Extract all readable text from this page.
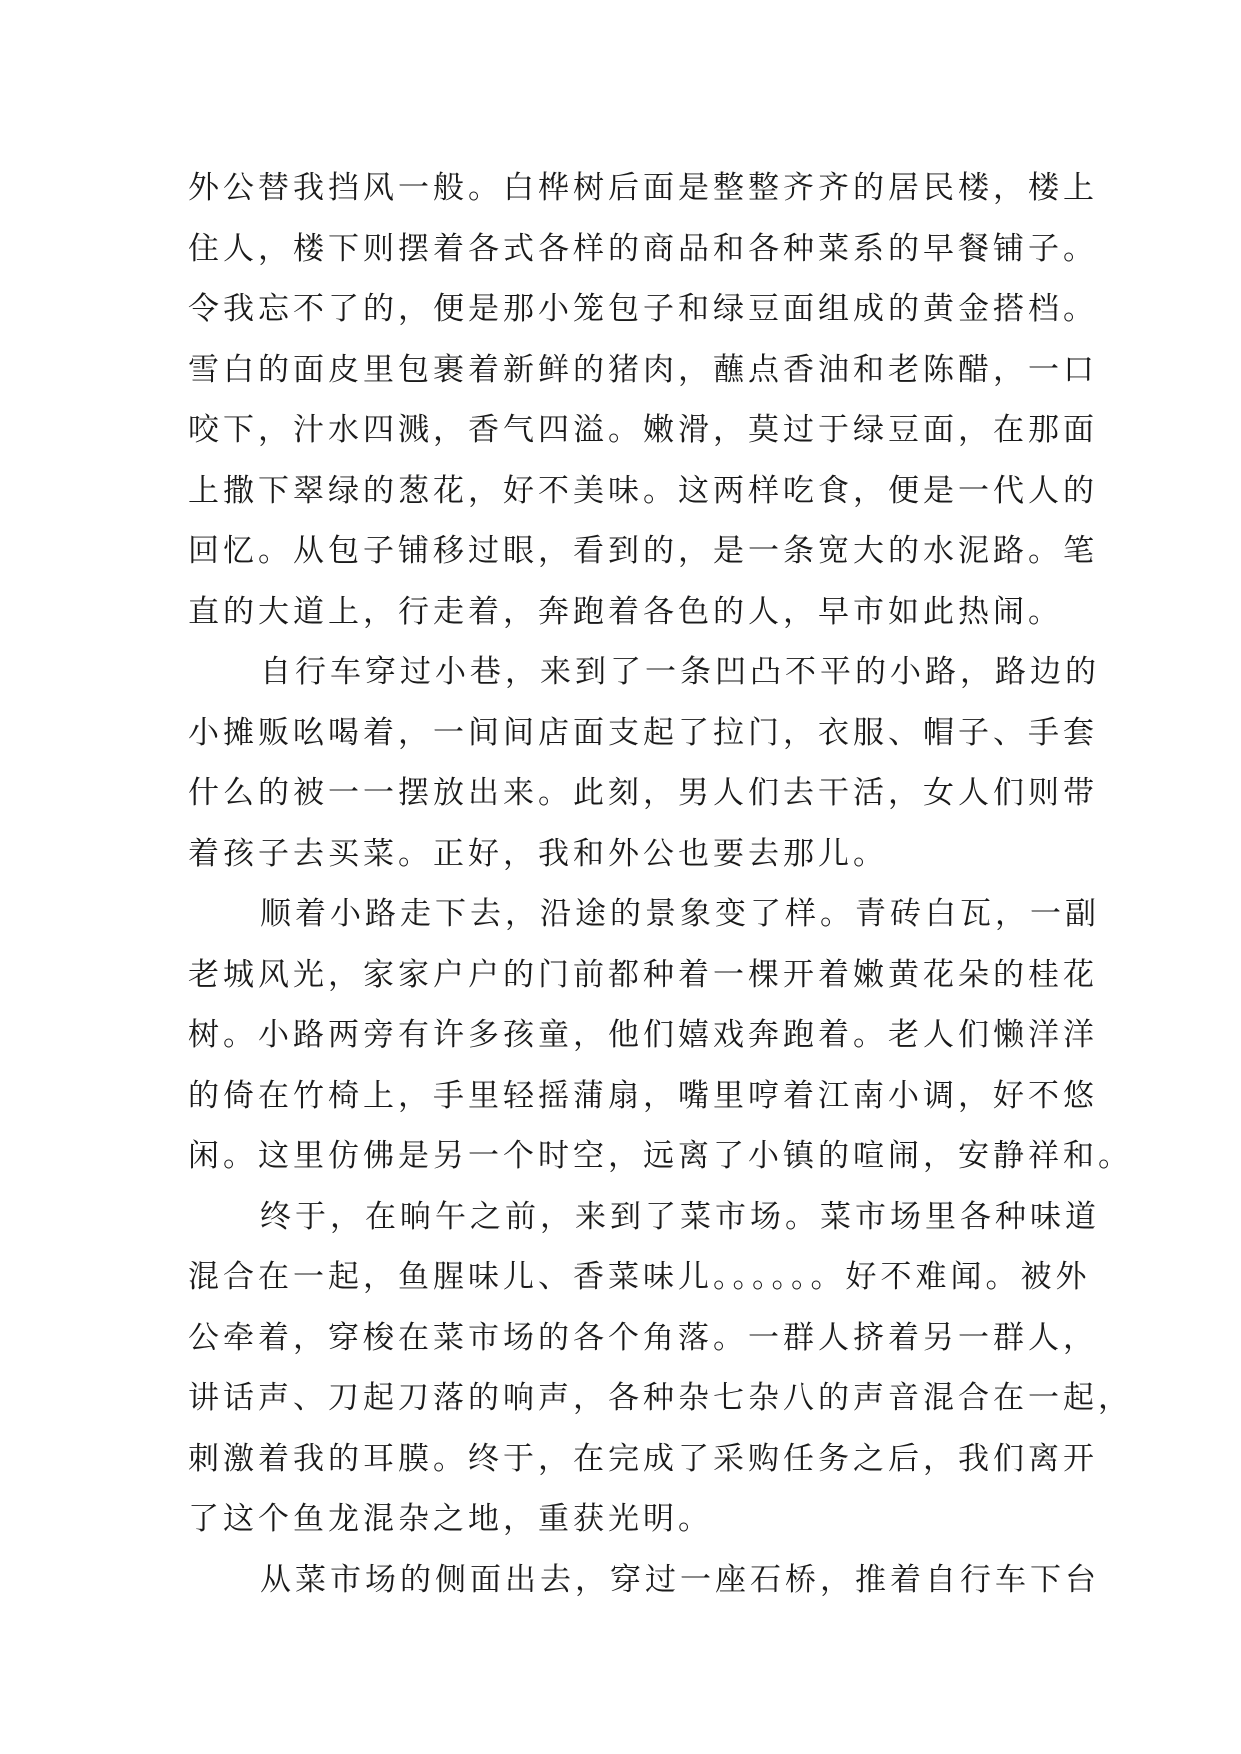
外公替我挡风一般。白桦树后面是整整齐齐的居民楼，楼上
住人，楼下则摆着各式各样的商品和各种菜系的早餐铺子。
令我忘不了的，便是那小笼包子和绿豆面组成的黄金搭档。
雪白的面皮里包裹着新鲜的猪肉，蘸点香油和老陈醋，一口
咬下，汁水四溅，香气四溢。嫩滑，莫过于绿豆面，在那面
上撒下翠绿的葱花，好不美味。这两样吃食，便是一代人的
回忆。从包子铺移过眼，看到的，是一条宽大的水泥路。笔
直的大道上，行走着，奔跑着各色的人，早市如此热闹。
自行车穿过小巷，来到了一条凹凸不平的小路，路边的
小摊贩吆喝着，一间间店面支起了拉门，衣服、帽子、手套
什么的被一一摆放出来。此刻，男人们去干活，女人们则带
着孩子去买菜。正好，我和外公也要去那儿。
顺着小路走下去，沿途的景象变了样。青砖白瓦，一副
老城风光，家家户户的门前都种着一棵开着嫩黄花朵的桂花
树。小路两旁有许多孩童，他们嬉戏奔跑着。老人们懒洋洋
的倚在竹椅上，手里轻摇蒲扇，嘴里哼着江南小调，好不悠
闲。这里仿佛是另一个时空，远离了小镇的喧闹，安静祥和。
终于，在晌午之前，来到了菜市场。菜市场里各种味道
混合在一起，鱼腥味儿、香菜味儿。。。。。。好不难闻。被外
公牵着，穿梭在菜市场的各个角落。一群人挤着另一群人，
讲话声、刀起刀落的响声，各种杂七杂八的声音混合在一起，
刺激着我的耳膜。终于，在完成了采购任务之后，我们离开
了这个鱼龙混杂之地，重获光明。
从菜市场的侧面出去，穿过一座石桥，推着自行车下台
